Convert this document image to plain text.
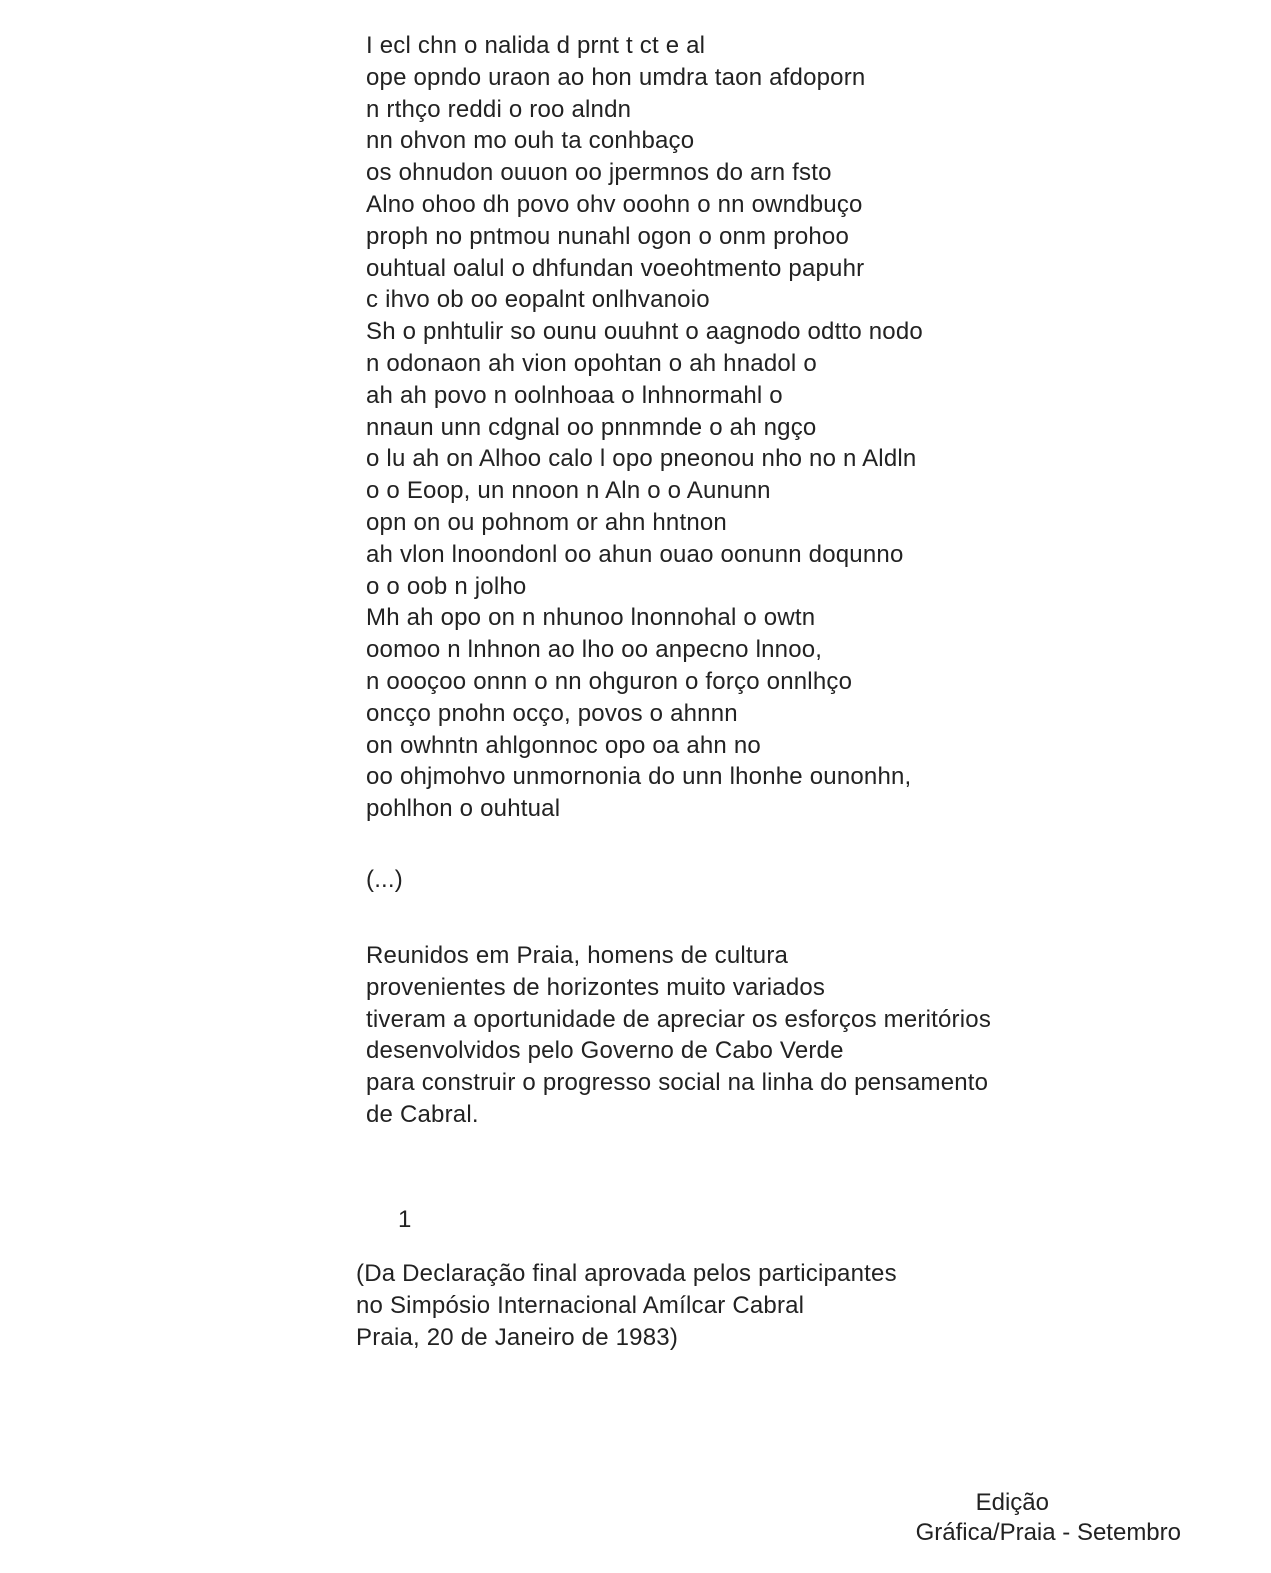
I ecl chn o nalida d prnt t ct e al
ope opndo uraon ao hon umdra taon afdoporn
n rthço reddi o roo alndn
nn ohvon mo ouh ta conhbaço
os ohnudon ouuon oo jpermnos do arn fsto
Alno ohoo dh povo ohv ooohn o nn owndbuço
proph no pntmou nunahl ogon o onm prohoo
ouhtual oalul o dhfundan voeohtmento papuhr
c ihvo ob oo eopalnt onlhvanoio
Sh o pnhtulir so ounu ouuhnt o aagnodo odtto nodo
n odonaon ah vion opohtan o ah hnadol o
ah ah povo n oolnhoaa o lnhnormahl o
nnaun unn cdgnal oo pnnmnde o ah ngço
o lu ah on Alhoo calo l opo pneonou nho no n Aldln
o o Eoop, un nnoon n Aln o o Aununn
opn on ou pohnom or ahn hntnon
ah vlon lnoondonl oo ahun ouao oonunn doqunno
o o oob n jolho
Mh ah opo on n nhunoo lnonnohal o owtn
oomoo n lnhnon ao lho oo anpecno lnnoo,
n oooçoo onnn o nn ohguron o forço onnlhço
oncço pnohn ocço, povos o ahnnn
on owhntn ahlgonnoc opo oa ahn no
oo ohjmohvo unmornonia do unn lhonhe ounonhn,
pohlhon o ouhtual
(...)
Reunidos em Praia, homens de cultura
provenientes de horizontes muito variados
tiveram a oportunidade de apreciar os esforços meritórios
desenvolvidos pelo Governo de Cabo Verde
para construir o progresso social na linha do pensamento
de Cabral.
1
(Da Declaração final aprovada pelos participantes
no Simpósio Internacional Amílcar Cabral
Praia, 20 de Janeiro de 1983)
Edição
Gráfica/Praia - Setembro
